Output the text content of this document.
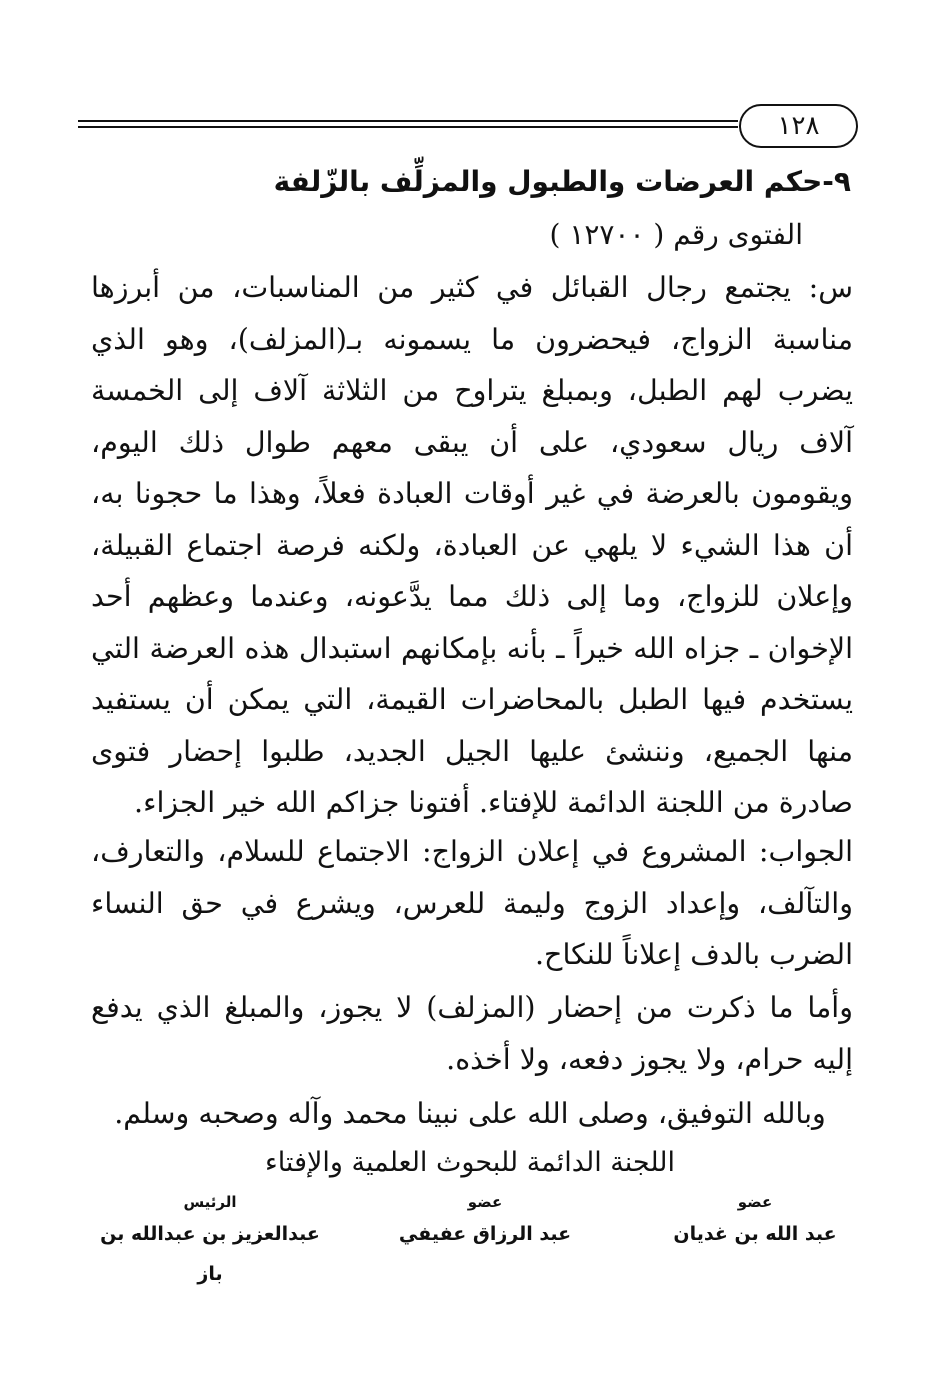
١٢٨
٩-حكم العرضات والطبول والمزلِّف بالزّلفة
الفتوى رقم ( ١٢٧٠٠ )
س: يجتمع رجال القبائل في كثير من المناسبات، من أبرزها مناسبة الزواج، فيحضرون ما يسمونه بـ(المزلف)، وهو الذي يضرب لهم الطبل، وبمبلغ يتراوح من الثلاثة آلاف إلى الخمسة آلاف ريال سعودي، على أن يبقى معهم طوال ذلك اليوم، ويقومون بالعرضة في غير أوقات العبادة فعلاً، وهذا ما حجونا به، أن هذا الشيء لا يلهي عن العبادة، ولكنه فرصة اجتماع القبيلة، وإعلان للزواج، وما إلى ذلك مما يدَّعونه، وعندما وعظهم أحد الإخوان ـ جزاه الله خيراً ـ بأنه بإمكانهم استبدال هذه العرضة التي يستخدم فيها الطبل بالمحاضرات القيمة، التي يمكن أن يستفيد منها الجميع، وننشئ عليها الجيل الجديد، طلبوا إحضار فتوى صادرة من اللجنة الدائمة للإفتاء. أفتونا جزاكم الله خير الجزاء.
الجواب: المشروع في إعلان الزواج: الاجتماع للسلام، والتعارف، والتآلف، وإعداد الزوج وليمة للعرس، ويشرع في حق النساء الضرب بالدف إعلاناً للنكاح.
وأما ما ذكرت من إحضار (المزلف) لا يجوز، والمبلغ الذي يدفع إليه حرام، ولا يجوز دفعه، ولا أخذه.
وبالله التوفيق، وصلى الله على نبينا محمد وآله وصحبه وسلم.
اللجنة الدائمة للبحوث العلمية والإفتاء
عضو
عبد الله بن غديان
عضو
عبد الرزاق عفيفي
الرئيس
عبدالعزيز بن عبدالله بن باز
